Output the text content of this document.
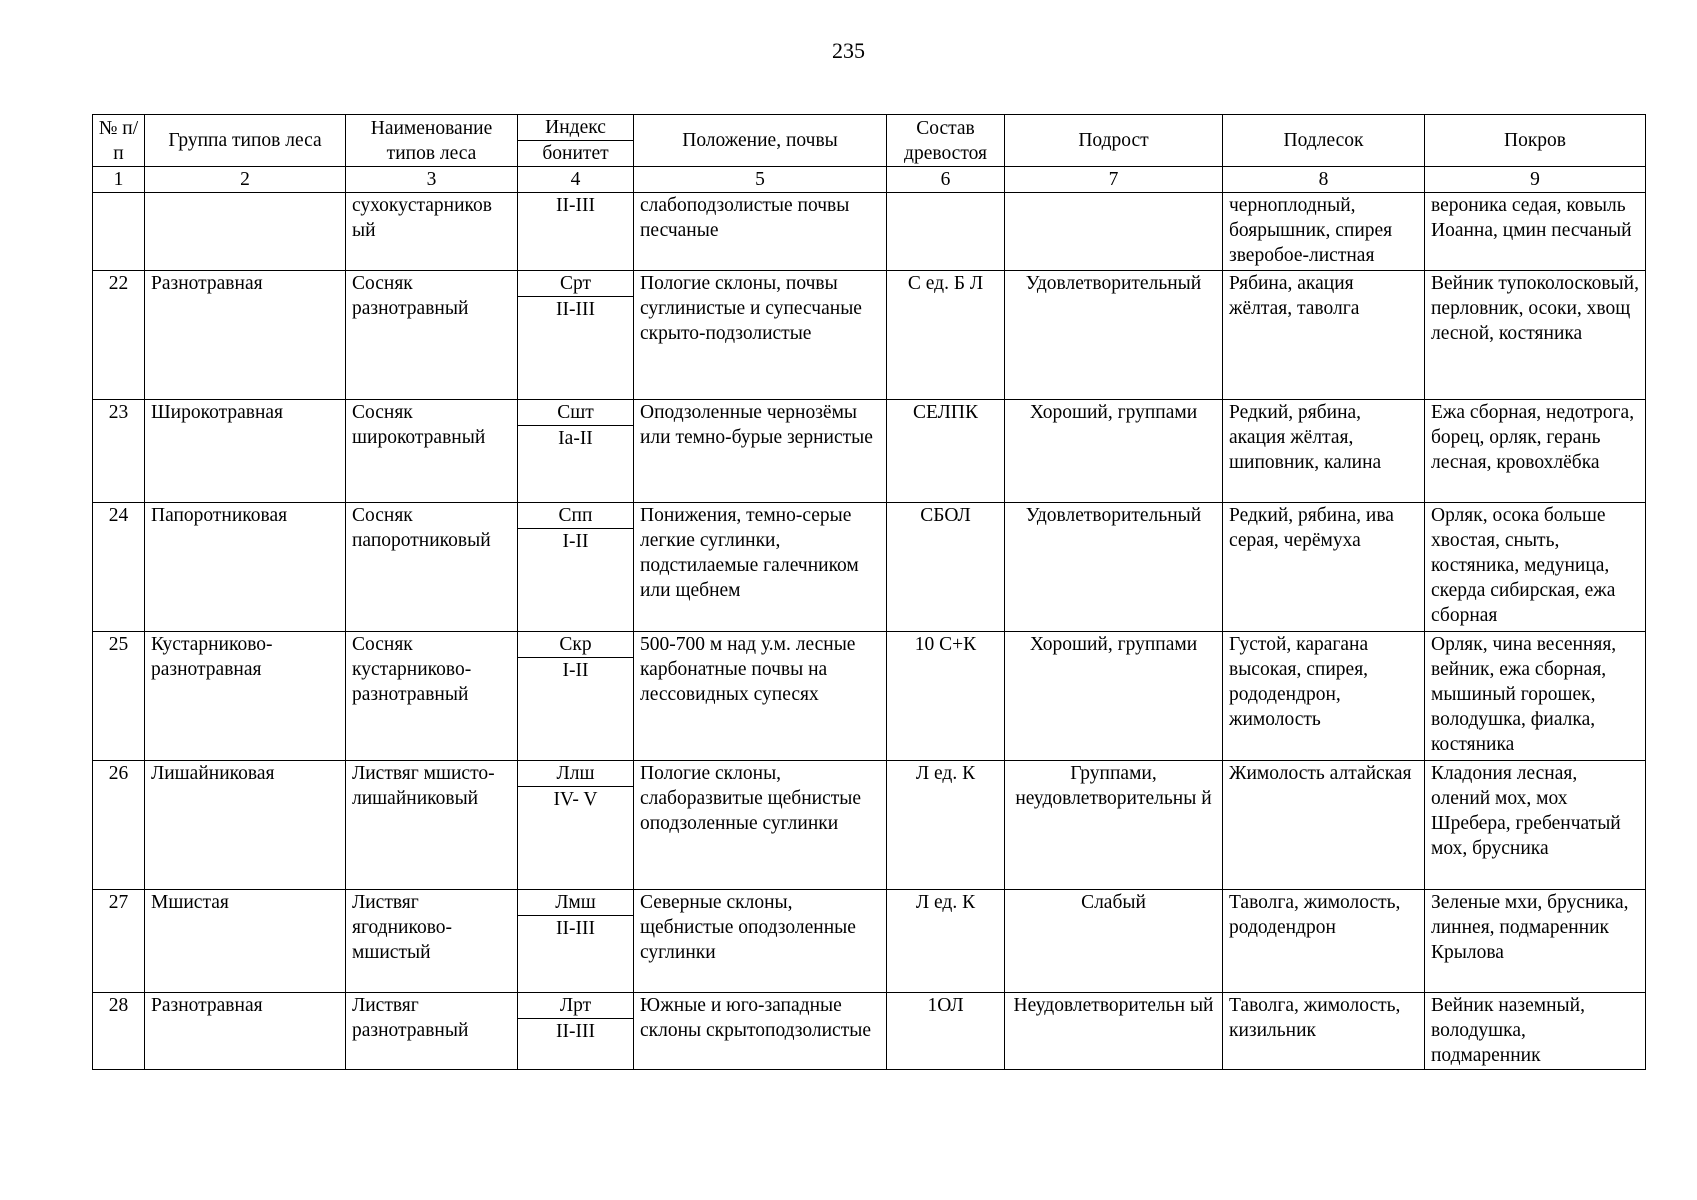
235
№ п/п	Группа типов леса	Наименование типов леса	Индекс	Положение, почвы	Состав древостоя	Подрост	Подлесок	Покров
			бонитет					
1	2	3	4	5	6	7	8	9
		сухокустарников ый	II-III	слабоподзолистые почвы песчаные			черноплодный, боярышник, спирея зверобое-листная	вероника седая, ковыль Иоанна, цмин песчаный
22	Разнотравная	Сосняк разнотравный	Срт	Пологие склоны, почвы суглинистые и супесчаные скрыто-подзолистые	С ед. Б Л	Удовлетворительный	Рябина, акация жёлтая, таволга	Вейник тупоколосковый, перловник, осоки, хвощ лесной, костяника
			II-III					
23	Широкотравная	Сосняк широкотравный	Сшт	Оподзоленные чернозёмы или темно-бурые зернистые	СЕЛПК	Хороший, группами	Редкий, рябина, акация жёлтая, шиповник, калина	Ежа сборная, недотрога, борец, орляк, герань лесная, кровохлёбка
			Ia-II					
24	Папоротниковая	Сосняк папоротниковый	Спп	Понижения, темно-серые легкие суглинки, подстилаемые галечником или щебнем	СБОЛ	Удовлетворительный	Редкий, рябина, ива серая, черёмуха	Орляк, осока больше хвостая, сныть, костяника, медуница, скерда сибирская, ежа сборная
			I-II					
25	Кустарниково-разнотравная	Сосняк кустарниково-разнотравный	Скр	500-700 м над у.м. лесные карбонатные почвы на лессовидных супесях	10 С+К	Хороший, группами	Густой, карагана высокая, спирея, рододендрон, жимолость	Орляк, чина весенняя, вейник, ежа сборная, мышиный горошек, володушка, фиалка, костяника
			I-II					
26	Лишайниковая	Листвяг мшисто-лишайниковый	Ллш	Пологие склоны, слаборазвитые щебнистые оподзоленные суглинки	Л ед. К	Группами, неудовлетворительны й	Жимолость алтайская	Кладония лесная, олений мох, мох Шребера, гребенчатый мох, брусника
			IV- V					
27	Мшистая	Листвяг ягодниково-мшистый	Лмш	Северные склоны, щебнистые оподзоленные суглинки	Л ед. К	Слабый	Таволга, жимолость, рододендрон	Зеленые мхи, брусника, линнея, подмаренник Крылова
			II-III					
28	Разнотравная	Листвяг разнотравный	Лрт	Южные и юго-западные склоны скрытоподзолистые	1ОЛ	Неудовлетворительн ый	Таволга, жимолость, кизильник	Вейник наземный, володушка, подмаренник
			II-III					
